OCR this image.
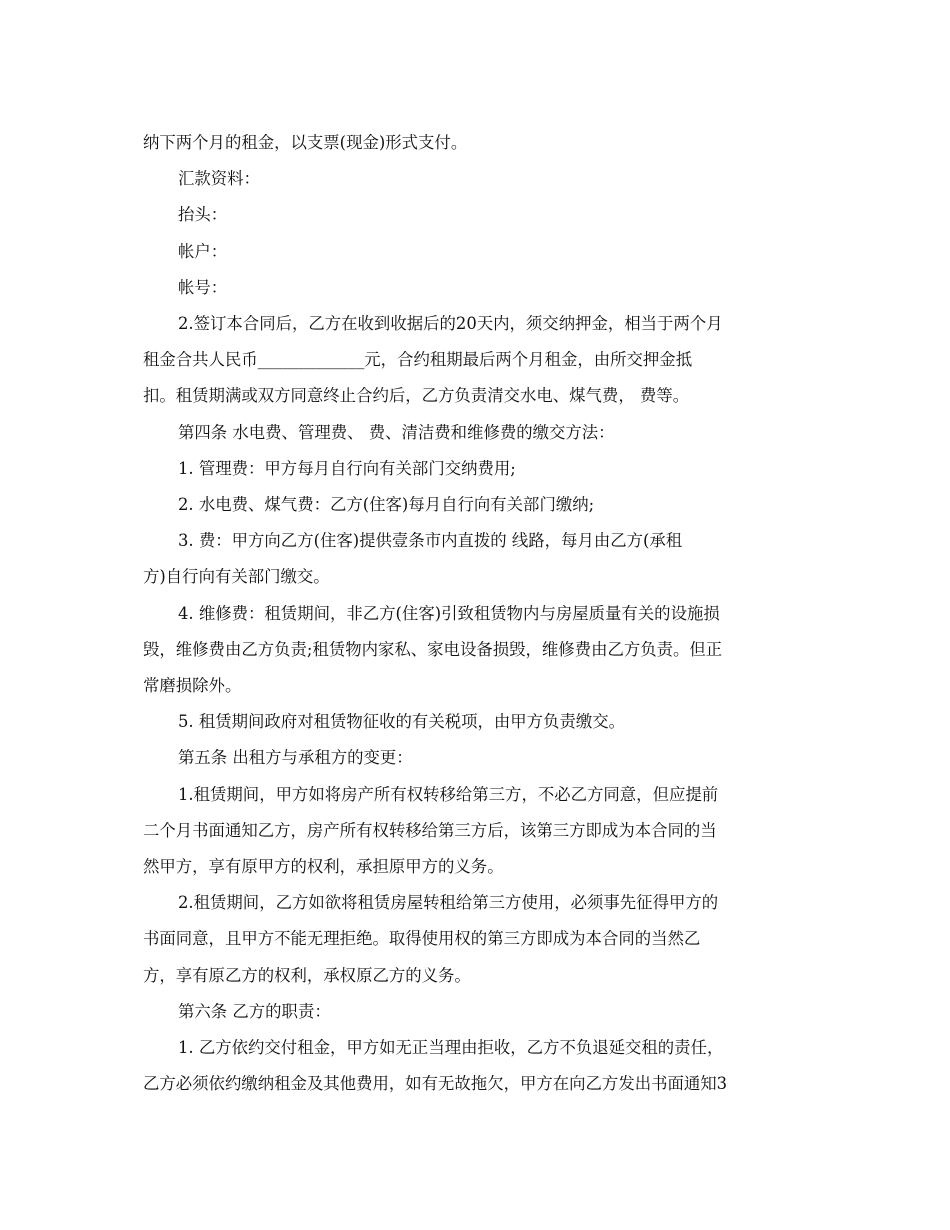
纳下两个月的租金，以支票(现金)形式支付。

汇款资料：

抬头：

帐户：

帐号：

2.签订本合同后，乙方在收到收据后的20天内，须交纳押金，相当于两个月

租金合共人民币_____________元，合约租期最后两个月租金，由所交押金抵

扣。租赁期满或双方同意终止合约后，乙方负责清交水电、煤气费， 费等。

第四条 水电费、管理费、 费、清洁费和维修费的缴交方法：

1. 管理费：甲方每月自行向有关部门交纳费用;

2. 水电费、煤气费：乙方(住客)每月自行向有关部门缴纳;

3. 费：甲方向乙方(住客)提供壹条市内直拨的 线路，每月由乙方(承租

方)自行向有关部门缴交。

4. 维修费：租赁期间，非乙方(住客)引致租赁物内与房屋质量有关的设施损

毁，维修费由乙方负责;租赁物内家私、家电设备损毁，维修费由乙方负责。但正

常磨损除外。

5. 租赁期间政府对租赁物征收的有关税项，由甲方负责缴交。

第五条 出租方与承租方的变更：

1.租赁期间，甲方如将房产所有权转移给第三方，不必乙方同意，但应提前

二个月书面通知乙方，房产所有权转移给第三方后，该第三方即成为本合同的当

然甲方，享有原甲方的权利，承担原甲方的义务。

2.租赁期间，乙方如欲将租赁房屋转租给第三方使用，必须事先征得甲方的

书面同意，且甲方不能无理拒绝。取得使用权的第三方即成为本合同的当然乙

方，享有原乙方的权利，承权原乙方的义务。

第六条 乙方的职责：

1. 乙方依约交付租金，甲方如无正当理由拒收，乙方不负退延交租的责任，

乙方必须依约缴纳租金及其他费用，如有无故拖欠，甲方在向乙方发出书面通知3
